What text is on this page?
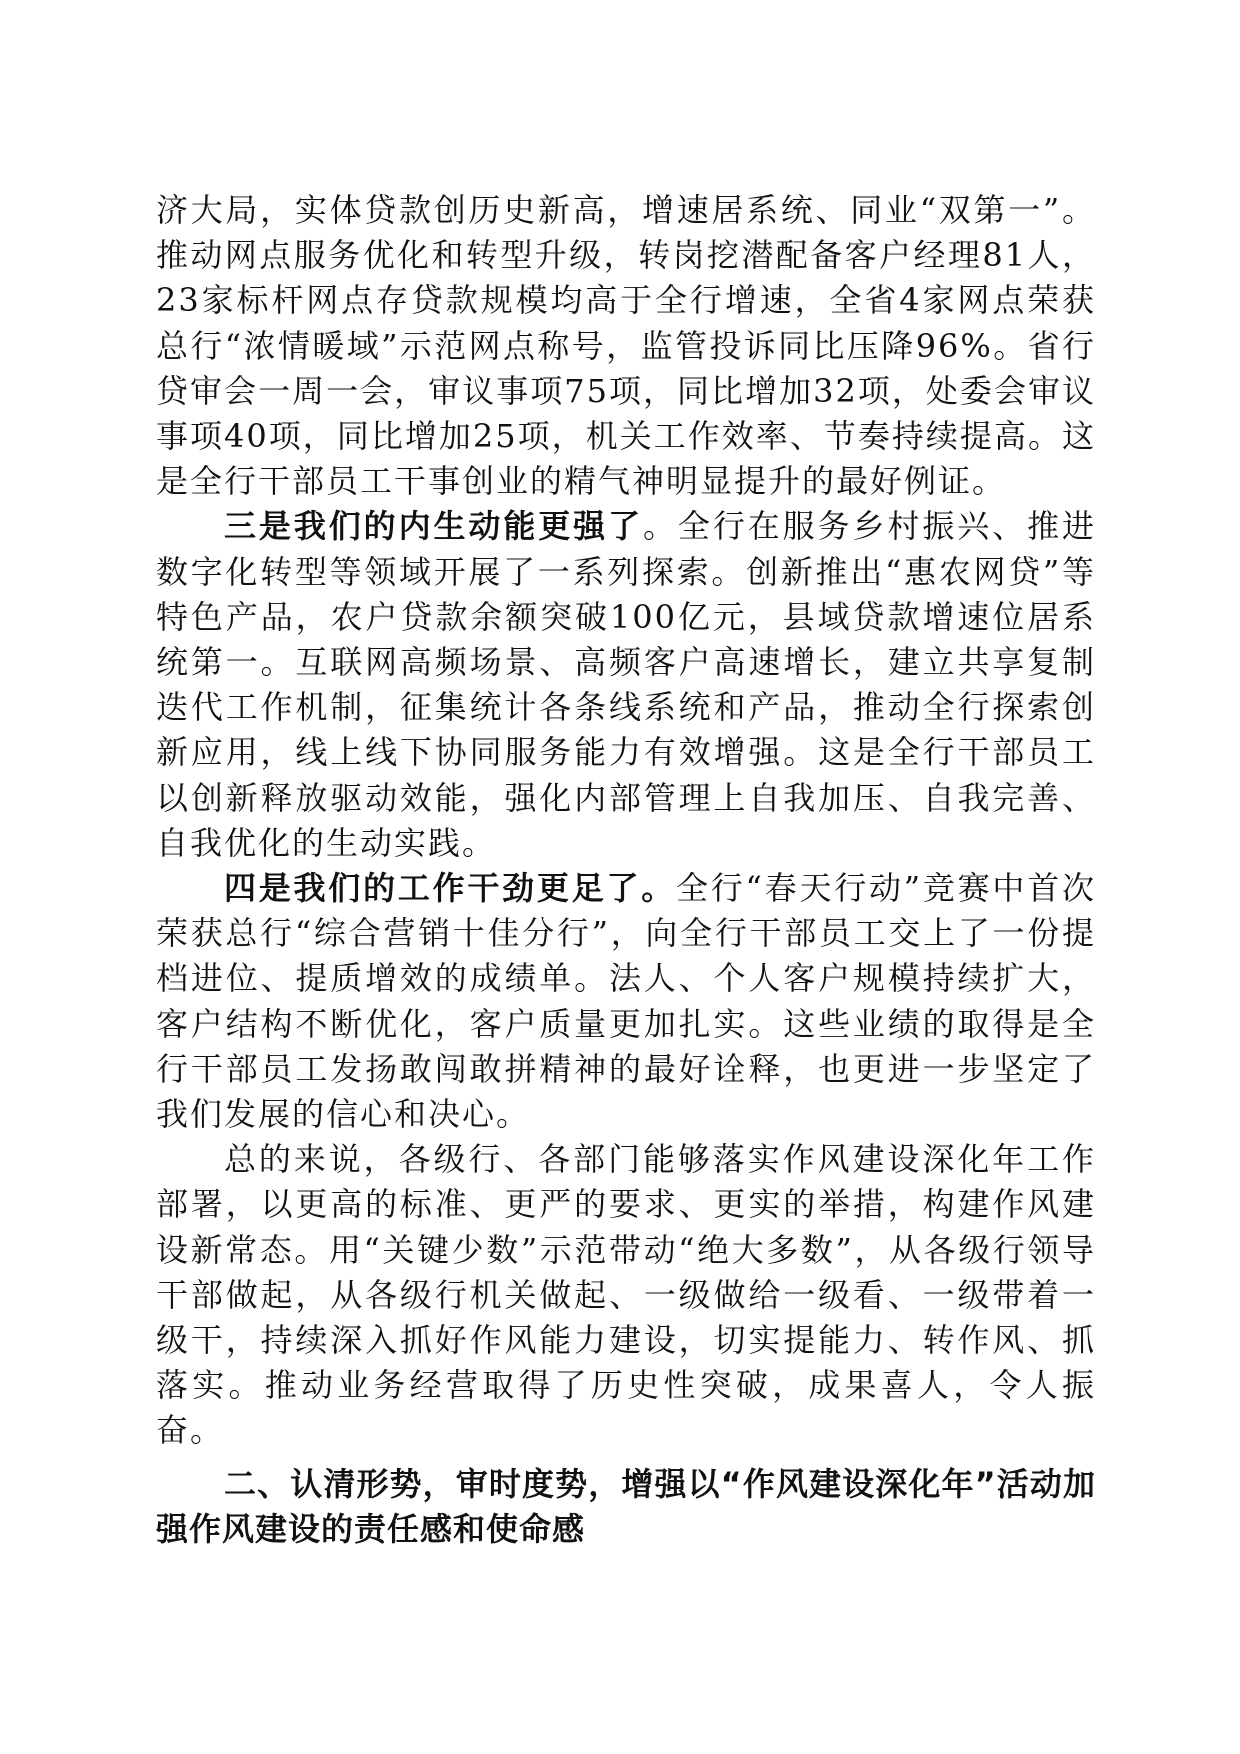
济大局，实体贷款创历史新高，增速居系统、同业“双第一”。推动网点服务优化和转型升级，转岗挖潜配备客户经理81人，23家标杆网点存贷款规模均高于全行增速，全省4家网点荣获总行“浓情暖域”示范网点称号，监管投诉同比压降96%。省行贷审会一周一会，审议事项75项，同比增加32项，处委会审议事项40项，同比增加25项，机关工作效率、节奏持续提高。这是全行干部员工干事创业的精气神明显提升的最好例证。

三是我们的内生动能更强了。全行在服务乡村振兴、推进数字化转型等领域开展了一系列探索。创新推出“惠农网贷”等特色产品，农户贷款余额突破100亿元，县域贷款增速位居系统第一。互联网高频场景、高频客户高速增长，建立共享复制迭代工作机制，征集统计各条线系统和产品，推动全行探索创新应用，线上线下协同服务能力有效增强。这是全行干部员工以创新释放驱动效能，强化内部管理上自我加压、自我完善、自我优化的生动实践。

四是我们的工作干劲更足了。全行“春天行动”竞赛中首次荣获总行“综合营销十佳分行”，向全行干部员工交上了一份提档进位、提质增效的成绩单。法人、个人客户规模持续扩大，客户结构不断优化，客户质量更加扎实。这些业绩的取得是全行干部员工发扬敢闯敢拼精神的最好诠释，也更进一步坚定了我们发展的信心和决心。

总的来说，各级行、各部门能够落实作风建设深化年工作部署，以更高的标准、更严的要求、更实的举措，构建作风建设新常态。用“关键少数”示范带动“绝大多数”，从各级行领导干部做起，从各级行机关做起、一级做给一级看、一级带着一级干，持续深入抓好作风能力建设，切实提能力、转作风、抓落实。推动业务经营取得了历史性突破，成果喜人，令人振奋。

二、认清形势，审时度势，增强以“作风建设深化年”活动加强作风建设的责任感和使命感
